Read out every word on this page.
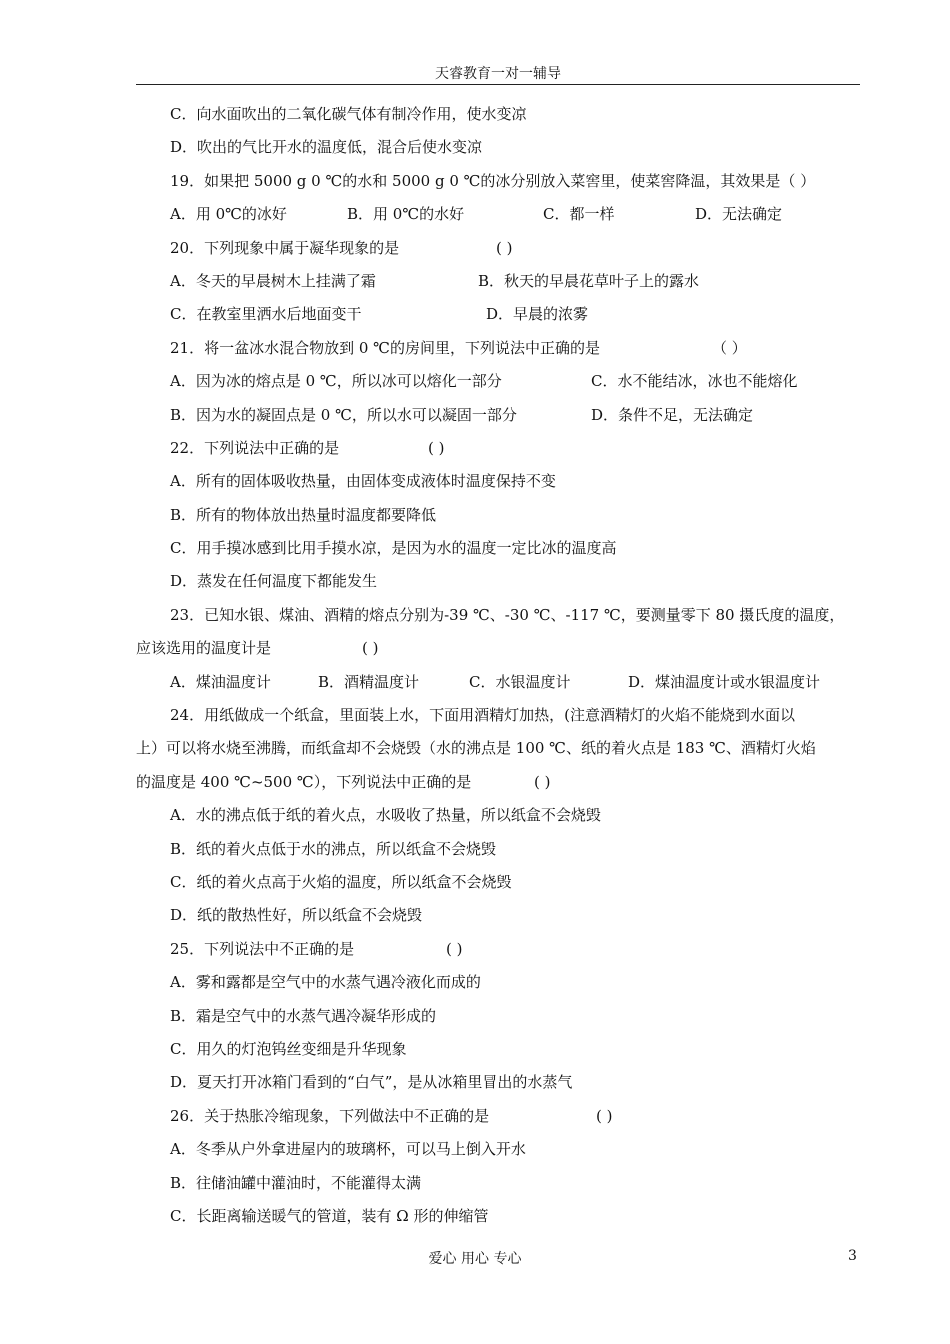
天睿教育一对一辅导
C．向水面吹出的二氧化碳气体有制冷作用，使水变凉
D．吹出的气比开水的温度低，混合后使水变凉
19．如果把 5000 g 0 ℃的水和 5000 g 0 ℃的冰分别放入菜窖里，使菜窖降温，其效果是（ ）
A．用 0℃的冰好	B．用 0℃的水好	C．都一样	D．无法确定
20．下列现象中属于凝华现象的是	( )
A．冬天的早晨树木上挂满了霜	B．秋天的早晨花草叶子上的露水
C．在教室里洒水后地面变干	D．早晨的浓雾
21．将一盆冰水混合物放到 0 ℃的房间里，下列说法中正确的是	（ ）
A．因为冰的熔点是 0 ℃，所以冰可以熔化一部分	C．水不能结冰，冰也不能熔化
B．因为水的凝固点是 0 ℃，所以水可以凝固一部分	D．条件不足，无法确定
22．下列说法中正确的是	( )
A．所有的固体吸收热量，由固体变成液体时温度保持不变
B．所有的物体放出热量时温度都要降低
C．用手摸冰感到比用手摸水凉，是因为水的温度一定比冰的温度高
D．蒸发在任何温度下都能发生
23．已知水银、煤油、酒精的熔点分别为-39 ℃、-30 ℃、-117 ℃，要测量零下 80 摄氏度的温度，
应该选用的温度计是	( )
A．煤油温度计	B．酒精温度计	C．水银温度计	D．煤油温度计或水银温度计
24．用纸做成一个纸盒，里面装上水，下面用酒精灯加热，(注意酒精灯的火焰不能烧到水面以
上）可以将水烧至沸腾，而纸盒却不会烧毁（水的沸点是 100 ℃、纸的着火点是 183 ℃、酒精灯火焰
的温度是 400 ℃~500 ℃），下列说法中正确的是	( )
A．水的沸点低于纸的着火点，水吸收了热量，所以纸盒不会烧毁
B．纸的着火点低于水的沸点，所以纸盒不会烧毁
C．纸的着火点高于火焰的温度，所以纸盒不会烧毁
D．纸的散热性好，所以纸盒不会烧毁
25．下列说法中不正确的是	( )
A．雾和露都是空气中的水蒸气遇冷液化而成的
B．霜是空气中的水蒸气遇冷凝华形成的
C．用久的灯泡钨丝变细是升华现象
D．夏天打开冰箱门看到的“白气”，是从冰箱里冒出的水蒸气
26．关于热胀冷缩现象，下列做法中不正确的是	( )
A．冬季从户外拿进屋内的玻璃杯，可以马上倒入开水
B．往储油罐中灌油时，不能灌得太满
C．长距离输送暖气的管道，装有 Ω 形的伸缩管
爱心 用心 专心	3
